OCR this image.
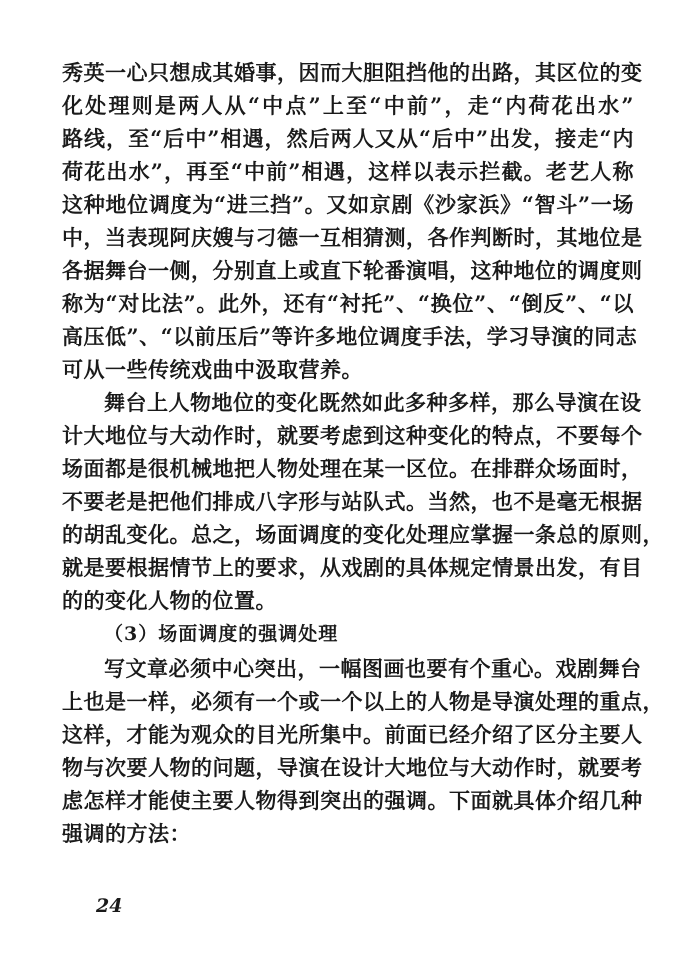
秀英一心只想成其婚事，因而大胆阻挡他的出路，其区位的变
化处理则是两人从“中点”上至“中前”，走“内荷花出水”
路线，至“后中”相遇，然后两人又从“后中”出发，接走“内
荷花出水”，再至“中前”相遇，这样以表示拦截。老艺人称
这种地位调度为“进三挡”。又如京剧《沙家浜》“智斗”一场
中，当表现阿庆嫂与刁德一互相猜测，各作判断时，其地位是
各据舞台一侧，分别直上或直下轮番演唱，这种地位的调度则
称为“对比法”。此外，还有“衬托”、“换位”、“倒反”、“以
高压低”、“以前压后”等许多地位调度手法，学习导演的同志
可从一些传统戏曲中汲取营养。
舞台上人物地位的变化既然如此多种多样，那么导演在设
计大地位与大动作时，就要考虑到这种变化的特点，不要每个
场面都是很机械地把人物处理在某一区位。在排群众场面时，
不要老是把他们排成八字形与站队式。当然，也不是毫无根据
的胡乱变化。总之，场面调度的变化处理应掌握一条总的原则，
就是要根据情节上的要求，从戏剧的具体规定情景出发，有目
的的变化人物的位置。
（3）场面调度的强调处理
写文章必须中心突出，一幅图画也要有个重心。戏剧舞台
上也是一样，必须有一个或一个以上的人物是导演处理的重点，
这样，才能为观众的目光所集中。前面已经介绍了区分主要人
物与次要人物的问题，导演在设计大地位与大动作时，就要考
虑怎样才能使主要人物得到突出的强调。下面就具体介绍几种
强调的方法：
24
